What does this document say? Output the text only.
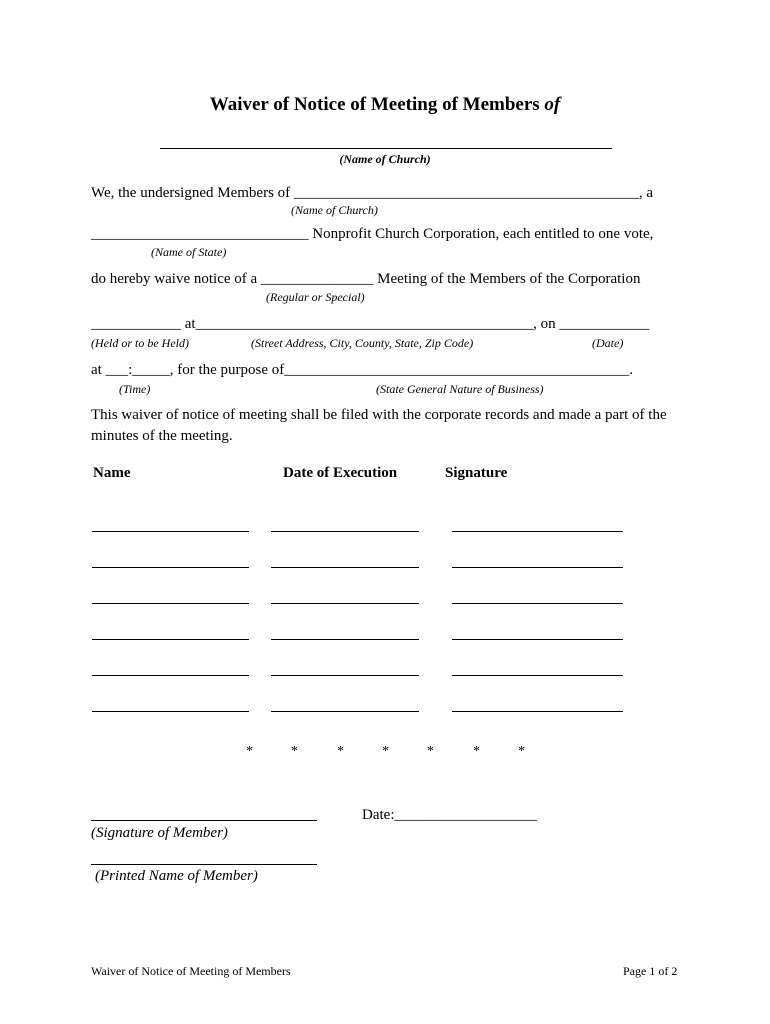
Waiver of Notice of Meeting of Members of
(Name of Church)
We, the undersigned Members of ______________________________________________, a
(Name of Church)
_____________________________ Nonprofit Church Corporation, each entitled to one vote,
(Name of State)
do hereby waive notice of a _______________ Meeting of the Members of the Corporation
(Regular or Special)
____________ at_____________________________________________, on ____________
(Held or to be Held)	(Street Address, City, County, State, Zip Code)	(Date)
at ___:_____, for the purpose of______________________________________________.
(Time)	(State General Nature of Business)
This waiver of notice of meeting shall be filed with the corporate records and made a part of the
minutes of the meeting.
Name	Date of Execution	Signature
*	*	*	*	*	*	*
Date:___________________
(Signature of Member)
(Printed Name of Member)
Waiver of Notice of Meeting of Members	Page 1 of 2
